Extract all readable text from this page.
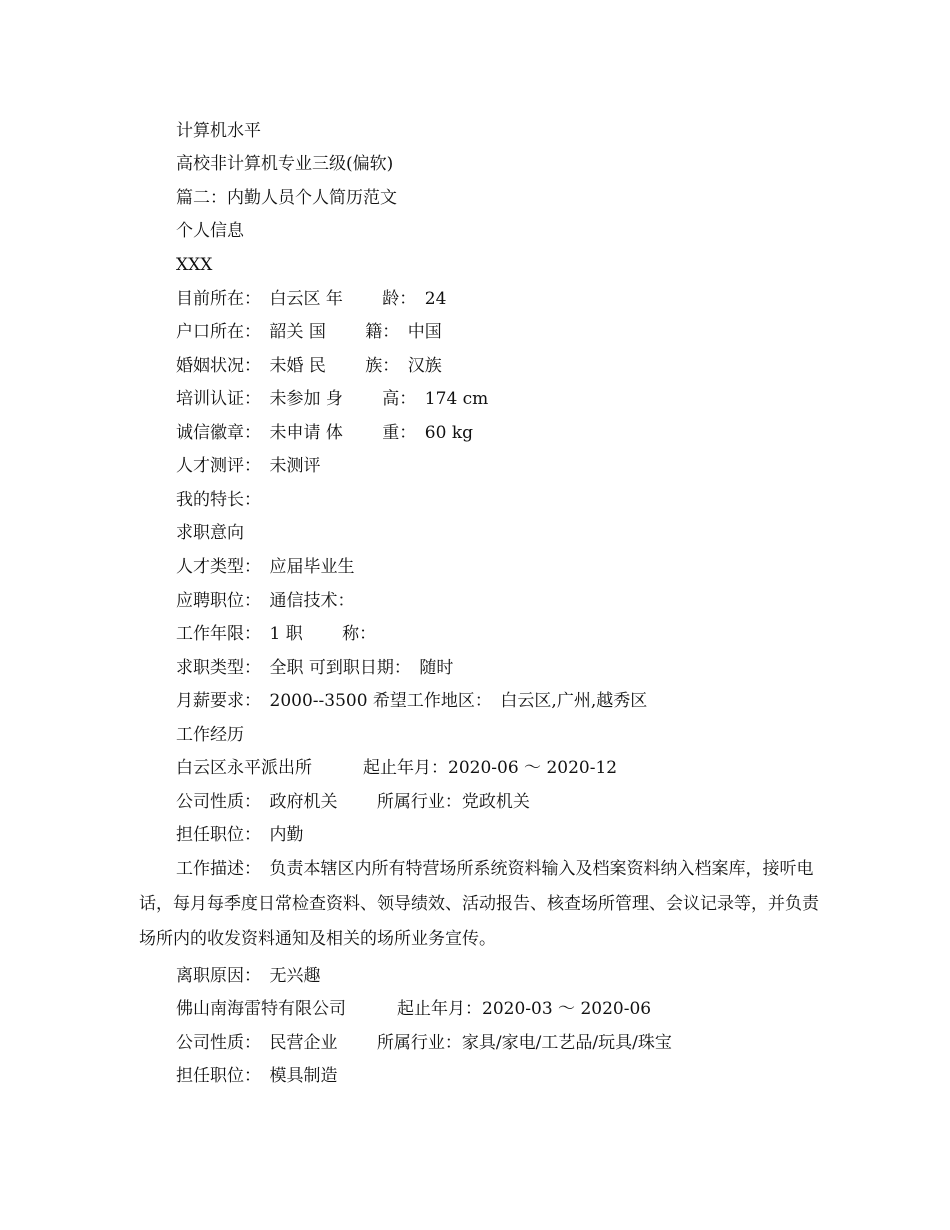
计算机水平
高校非计算机专业三级(偏软)
篇二：内勤人员个人简历范文
个人信息
XXX
目前所在：　白云区 年　　 龄：　24
户口所在：　韶关 国　　 籍：　中国
婚姻状况：　未婚 民　　 族：　汉族
培训认证：　未参加 身　　 高：　174 cm
诚信徽章：　未申请 体　　 重：　60 kg
人才测评：　未测评
我的特长：
求职意向
人才类型：　应届毕业生
应聘职位：　通信技术：
工作年限：　1 职　　 称：
求职类型：　全职 可到职日期：　随时
月薪要求：　2000--3500 希望工作地区：　白云区,广州,越秀区
工作经历
白云区永平派出所　　　起止年月：2020-06 ～ 2020-12
公司性质：　政府机关　　 所属行业：党政机关
担任职位：　内勤
工作描述：　负责本辖区内所有特营场所系统资料输入及档案资料纳入档案库，接听电话，每月每季度日常检查资料、领导绩效、活动报告、核查场所管理、会议记录等，并负责场所内的收发资料通知及相关的场所业务宣传。
离职原因：　无兴趣
佛山南海雷特有限公司　　　起止年月：2020-03 ～ 2020-06
公司性质：　民营企业　　 所属行业：家具/家电/工艺品/玩具/珠宝
担任职位：　模具制造
